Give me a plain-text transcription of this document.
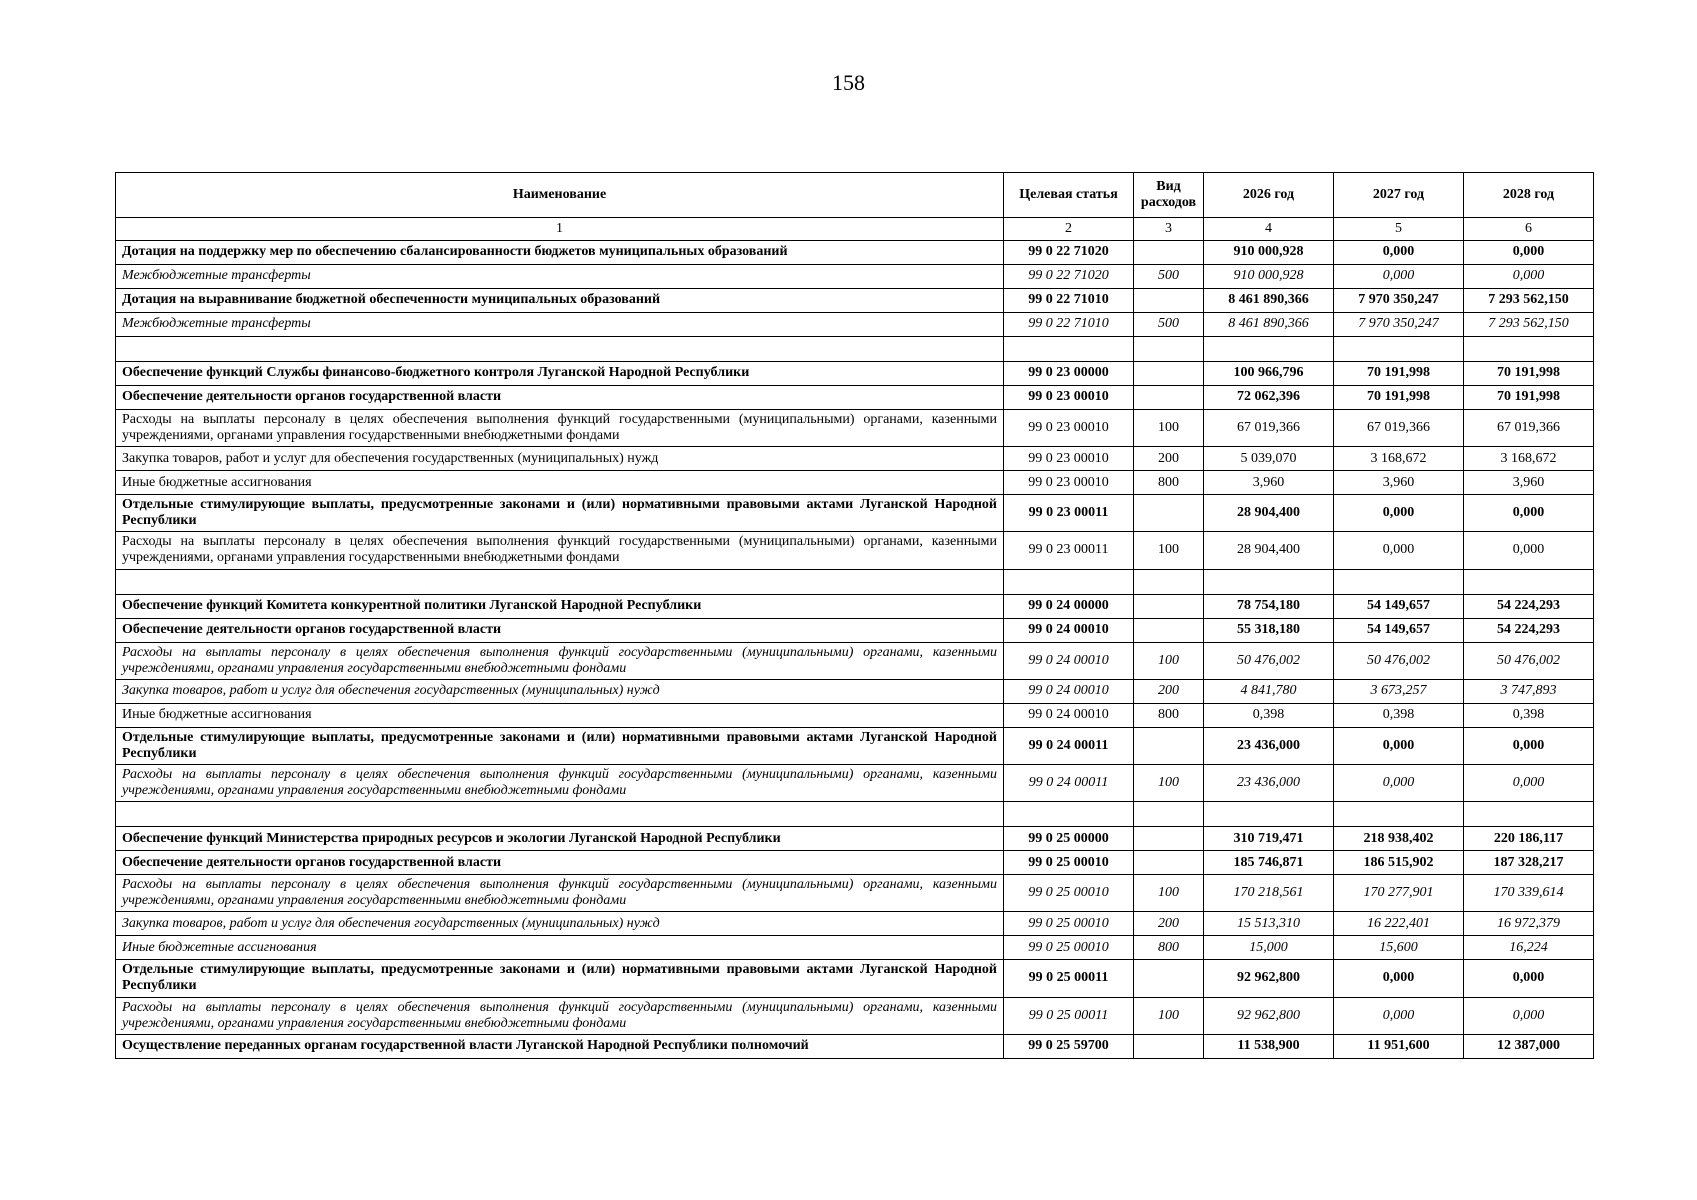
158
Наименование	Целевая статья	Вид расходов	2026 год	2027 год	2028 год
1	2	3	4	5	6
Дотация на поддержку мер по обеспечению сбалансированности бюджетов муниципальных образований	99 0 22 71020		910 000,928	0,000	0,000
Межбюджетные трансферты	99 0 22 71020	500	910 000,928	0,000	0,000
Дотация на выравнивание бюджетной обеспеченности муниципальных образований	99 0 22 71010		8 461 890,366	7 970 350,247	7 293 562,150
Межбюджетные трансферты	99 0 22 71010	500	8 461 890,366	7 970 350,247	7 293 562,150

Обеспечение функций Службы финансово-бюджетного контроля Луганской Народной Республики	99 0 23 00000		100 966,796	70 191,998	70 191,998
Обеспечение деятельности органов государственной власти	99 0 23 00010		72 062,396	70 191,998	70 191,998
Расходы на выплаты персоналу в целях обеспечения выполнения функций государственными (муниципальными) органами, казенными учреждениями, органами управления государственными внебюджетными фондами	99 0 23 00010	100	67 019,366	67 019,366	67 019,366
Закупка товаров, работ и услуг для обеспечения государственных (муниципальных) нужд	99 0 23 00010	200	5 039,070	3 168,672	3 168,672
Иные бюджетные ассигнования	99 0 23 00010	800	3,960	3,960	3,960
Отдельные стимулирующие выплаты, предусмотренные законами и (или) нормативными правовыми актами Луганской Народной Республики	99 0 23 00011		28 904,400	0,000	0,000
Расходы на выплаты персоналу в целях обеспечения выполнения функций государственными (муниципальными) органами, казенными учреждениями, органами управления государственными внебюджетными фондами	99 0 23 00011	100	28 904,400	0,000	0,000

Обеспечение функций Комитета конкурентной политики Луганской Народной Республики	99 0 24 00000		78 754,180	54 149,657	54 224,293
Обеспечение деятельности органов государственной власти	99 0 24 00010		55 318,180	54 149,657	54 224,293
Расходы на выплаты персоналу в целях обеспечения выполнения функций государственными (муниципальными) органами, казенными учреждениями, органами управления государственными внебюджетными фондами	99 0 24 00010	100	50 476,002	50 476,002	50 476,002
Закупка товаров, работ и услуг для обеспечения государственных (муниципальных) нужд	99 0 24 00010	200	4 841,780	3 673,257	3 747,893
Иные бюджетные ассигнования	99 0 24 00010	800	0,398	0,398	0,398
Отдельные стимулирующие выплаты, предусмотренные законами и (или) нормативными правовыми актами Луганской Народной Республики	99 0 24 00011		23 436,000	0,000	0,000
Расходы на выплаты персоналу в целях обеспечения выполнения функций государственными (муниципальными) органами, казенными учреждениями, органами управления государственными внебюджетными фондами	99 0 24 00011	100	23 436,000	0,000	0,000

Обеспечение функций Министерства природных ресурсов и экологии Луганской Народной Республики	99 0 25 00000		310 719,471	218 938,402	220 186,117
Обеспечение деятельности органов государственной власти	99 0 25 00010		185 746,871	186 515,902	187 328,217
Расходы на выплаты персоналу в целях обеспечения выполнения функций государственными (муниципальными) органами, казенными учреждениями, органами управления государственными внебюджетными фондами	99 0 25 00010	100	170 218,561	170 277,901	170 339,614
Закупка товаров, работ и услуг для обеспечения государственных (муниципальных) нужд	99 0 25 00010	200	15 513,310	16 222,401	16 972,379
Иные бюджетные ассигнования	99 0 25 00010	800	15,000	15,600	16,224
Отдельные стимулирующие выплаты, предусмотренные законами и (или) нормативными правовыми актами Луганской Народной Республики	99 0 25 00011		92 962,800	0,000	0,000
Расходы на выплаты персоналу в целях обеспечения выполнения функций государственными (муниципальными) органами, казенными учреждениями, органами управления государственными внебюджетными фондами	99 0 25 00011	100	92 962,800	0,000	0,000
Осуществление переданных органам государственной власти Луганской Народной Республики полномочий	99 0 25 59700		11 538,900	11 951,600	12 387,000
